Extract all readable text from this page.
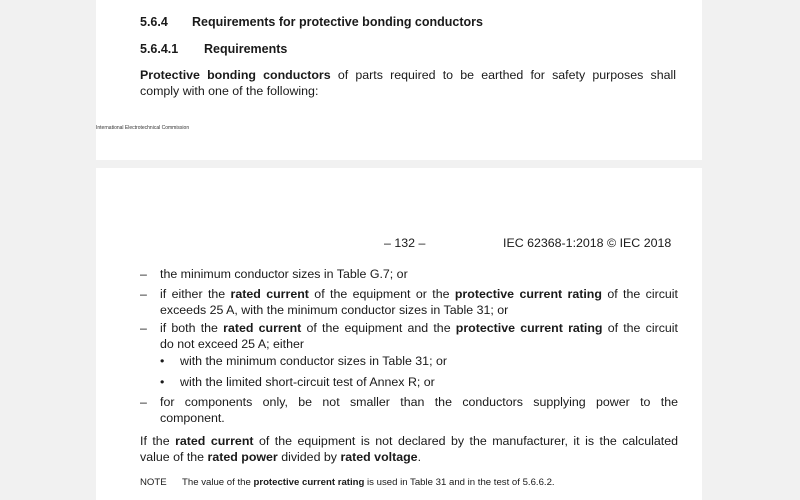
5.6.4 Requirements for protective bonding conductors
5.6.4.1 Requirements
Protective bonding conductors of parts required to be earthed for safety purposes shall
comply with one of the following:
International Electrotechnical Commission
– 132 –	IEC 62368-1:2018 © IEC 2018
– the minimum conductor sizes in Table G.7; or
– if either the rated current of the equipment or the protective current rating of the circuit
exceeds 25 A, with the minimum conductor sizes in Table 31; or
– if both the rated current of the equipment and the protective current rating of the circuit
do not exceed 25 A; either
• with the minimum conductor sizes in Table 31; or
• with the limited short-circuit test of Annex R; or
– for components only, be not smaller than the conductors supplying power to the
component.
If the rated current of the equipment is not declared by the manufacturer, it is the calculated
value of the rated power divided by rated voltage.
NOTE The value of the protective current rating is used in Table 31 and in the test of 5.6.6.2.
